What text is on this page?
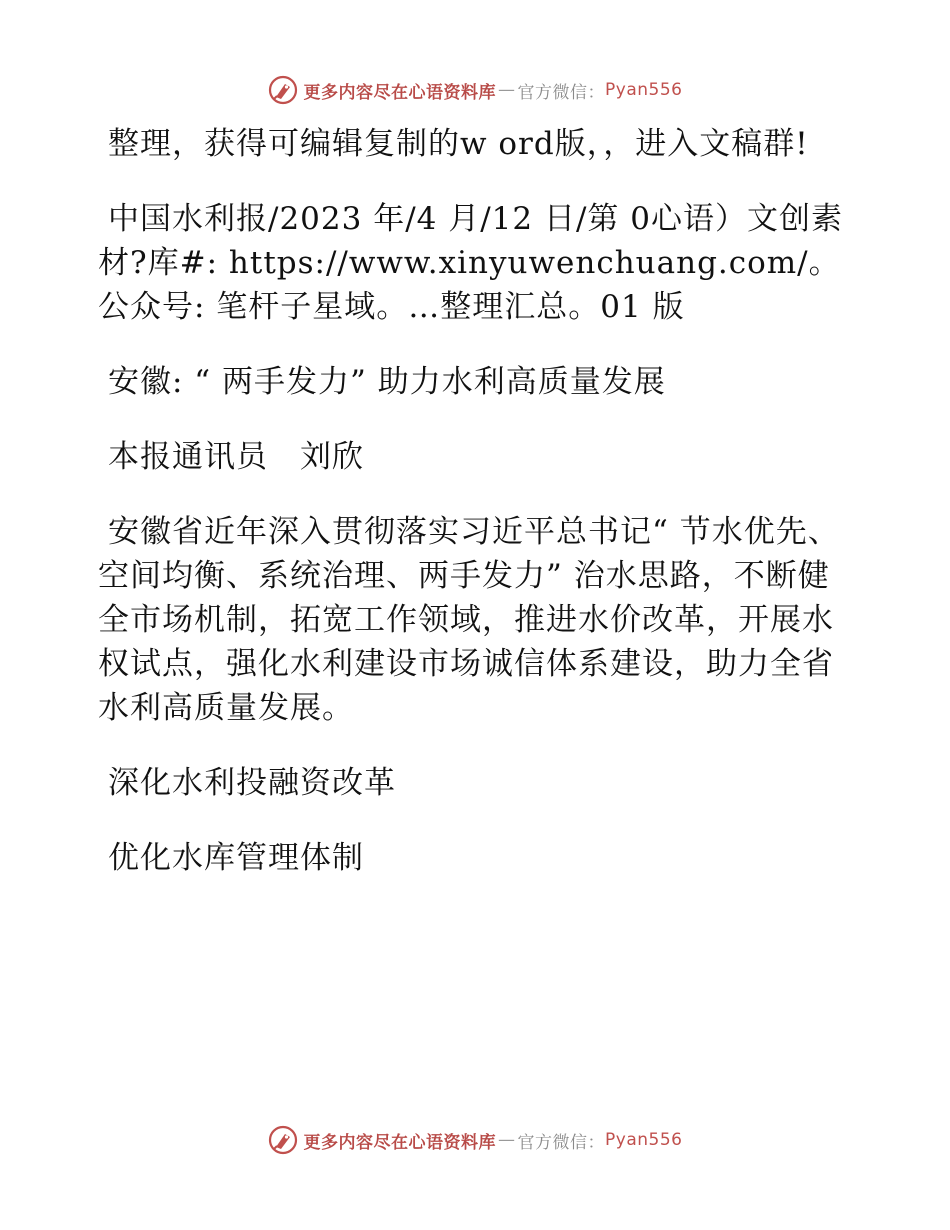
更多内容尽在心语资料库 — 官方微信： Pyan556

整理，获得可编辑复制的w ord版，，进入文稿群!

中国水利报/2023 年/4 月/12 日/第 0心语）文创素材?库#: https://www.xinyuwenchuang.com/。公众号: 笔杆子星域。…整理汇总。01 版

安徽: “ 两手发力” 助力水利高质量发展

本报通讯员　刘欣

安徽省近年深入贯彻落实习近平总书记“ 节水优先、空间均衡、系统治理、两手发力” 治水思路，不断健全市场机制，拓宽工作领域，推进水价改革，开展水权试点，强化水利建设市场诚信体系建设，助力全省水利高质量发展。

深化水利投融资改革

优化水库管理体制

更多内容尽在心语资料库 — 官方微信： Pyan556
